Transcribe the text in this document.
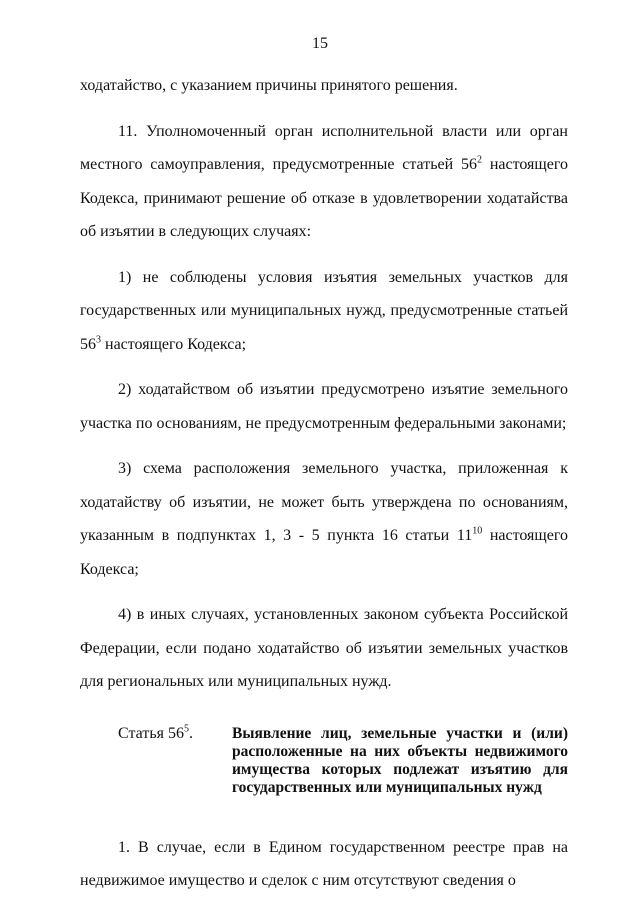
15

ходатайство, с указанием причины принятого решения.

11. Уполномоченный орган исполнительной власти или орган местного самоуправления, предусмотренные статьей $56^2$ настоящего Кодекса, принимают решение об отказе в удовлетворении ходатайства об изъятии в следующих случаях:

1) не соблюдены условия изъятия земельных участков для государственных или муниципальных нужд, предусмотренные статьей $56^3$ настоящего Кодекса;

2) ходатайством об изъятии предусмотрено изъятие земельного участка по основаниям, не предусмотренным федеральными законами;

3) схема расположения земельного участка, приложенная к ходатайству об изъятии, не может быть утверждена по основаниям, указанным в подпунктах 1, 3 - 5 пункта 16 статьи $11^{10}$ настоящего Кодекса;

4) в иных случаях, установленных законом субъекта Российской Федерации, если подано ходатайство об изъятии земельных участков для региональных или муниципальных нужд.

Статья $56^5$.	Выявление лиц, земельные участки и (или) расположенные на них объекты недвижимого имущества которых подлежат изъятию для государственных или муниципальных нужд

1. В случае, если в Едином государственном реестре прав на недвижимое имущество и сделок с ним отсутствуют сведения о
